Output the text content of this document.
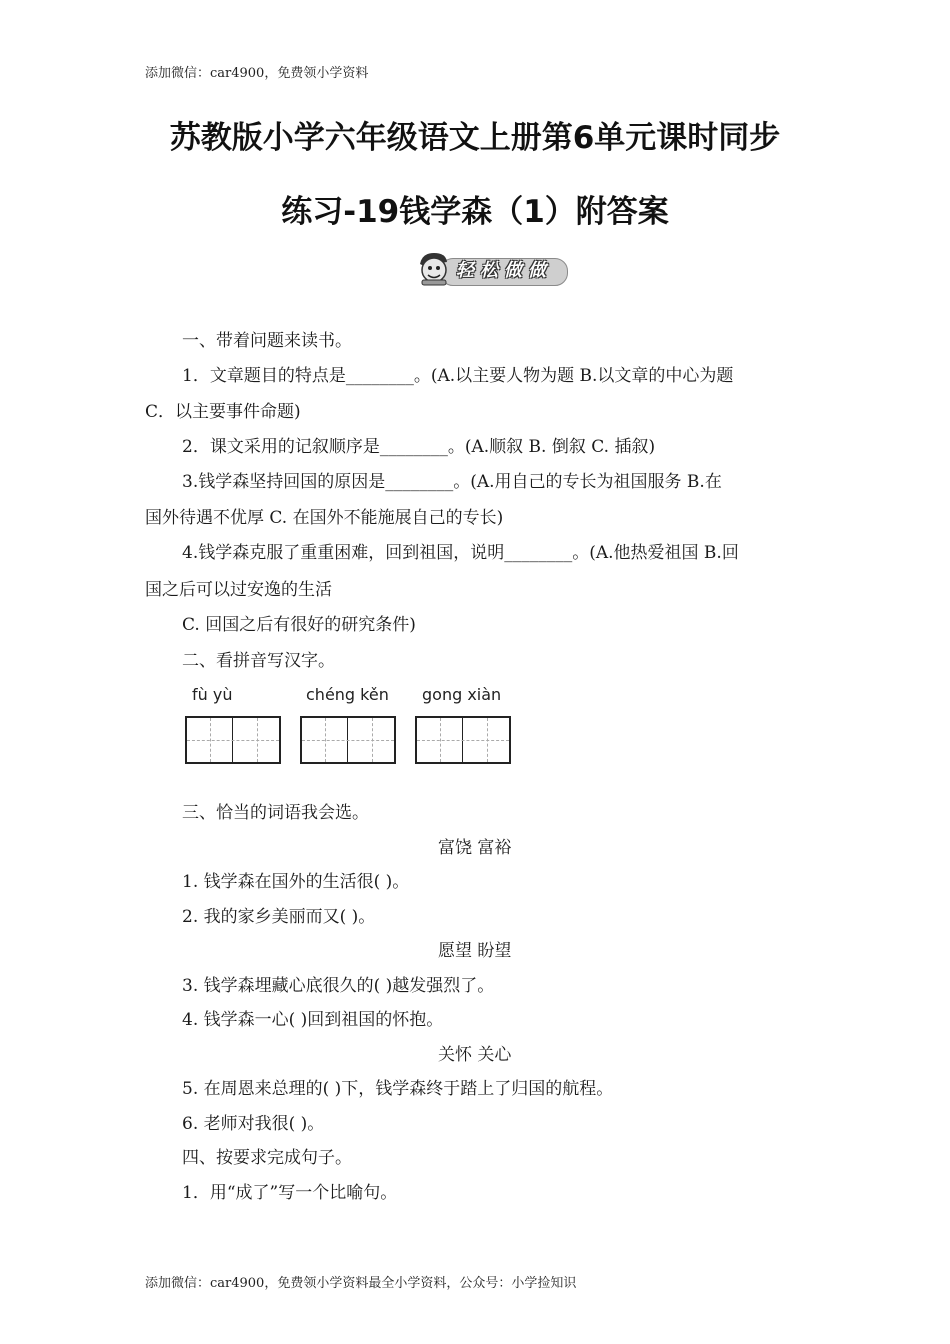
添加微信：car4900，免费领小学资料
苏教版小学六年级语文上册第6单元课时同步
练习-19钱学森（1）附答案
轻松做做
一、带着问题来读书。
1．文章题目的特点是________。(A.以主要人物为题 B.以文章的中心为题
C．以主要事件命题)
2．课文采用的记叙顺序是________。(A.顺叙 B. 倒叙 C. 插叙)
3.钱学森坚持回国的原因是________。(A.用自己的专长为祖国服务 B.在
国外待遇不优厚 C. 在国外不能施展自己的专长)
4.钱学森克服了重重困难，回到祖国，说明________。(A.他热爱祖国 B.回
国之后可以过安逸的生活
C. 回国之后有很好的研究条件)
二、看拼音写汉字。
fù yù	chéng kěn gong xiàn
三、恰当的词语我会选。
富饶 富裕
1. 钱学森在国外的生活很( )。
2. 我的家乡美丽而又( )。
愿望 盼望
3. 钱学森埋藏心底很久的( )越发强烈了。
4. 钱学森一心( )回到祖国的怀抱。
关怀 关心
5. 在周恩来总理的( )下，钱学森终于踏上了归国的航程。
6. 老师对我很( )。
四、按要求完成句子。
1．用“成了”写一个比喻句。
添加微信：car4900，免费领小学资料最全小学资料，公众号：小学捡知识
